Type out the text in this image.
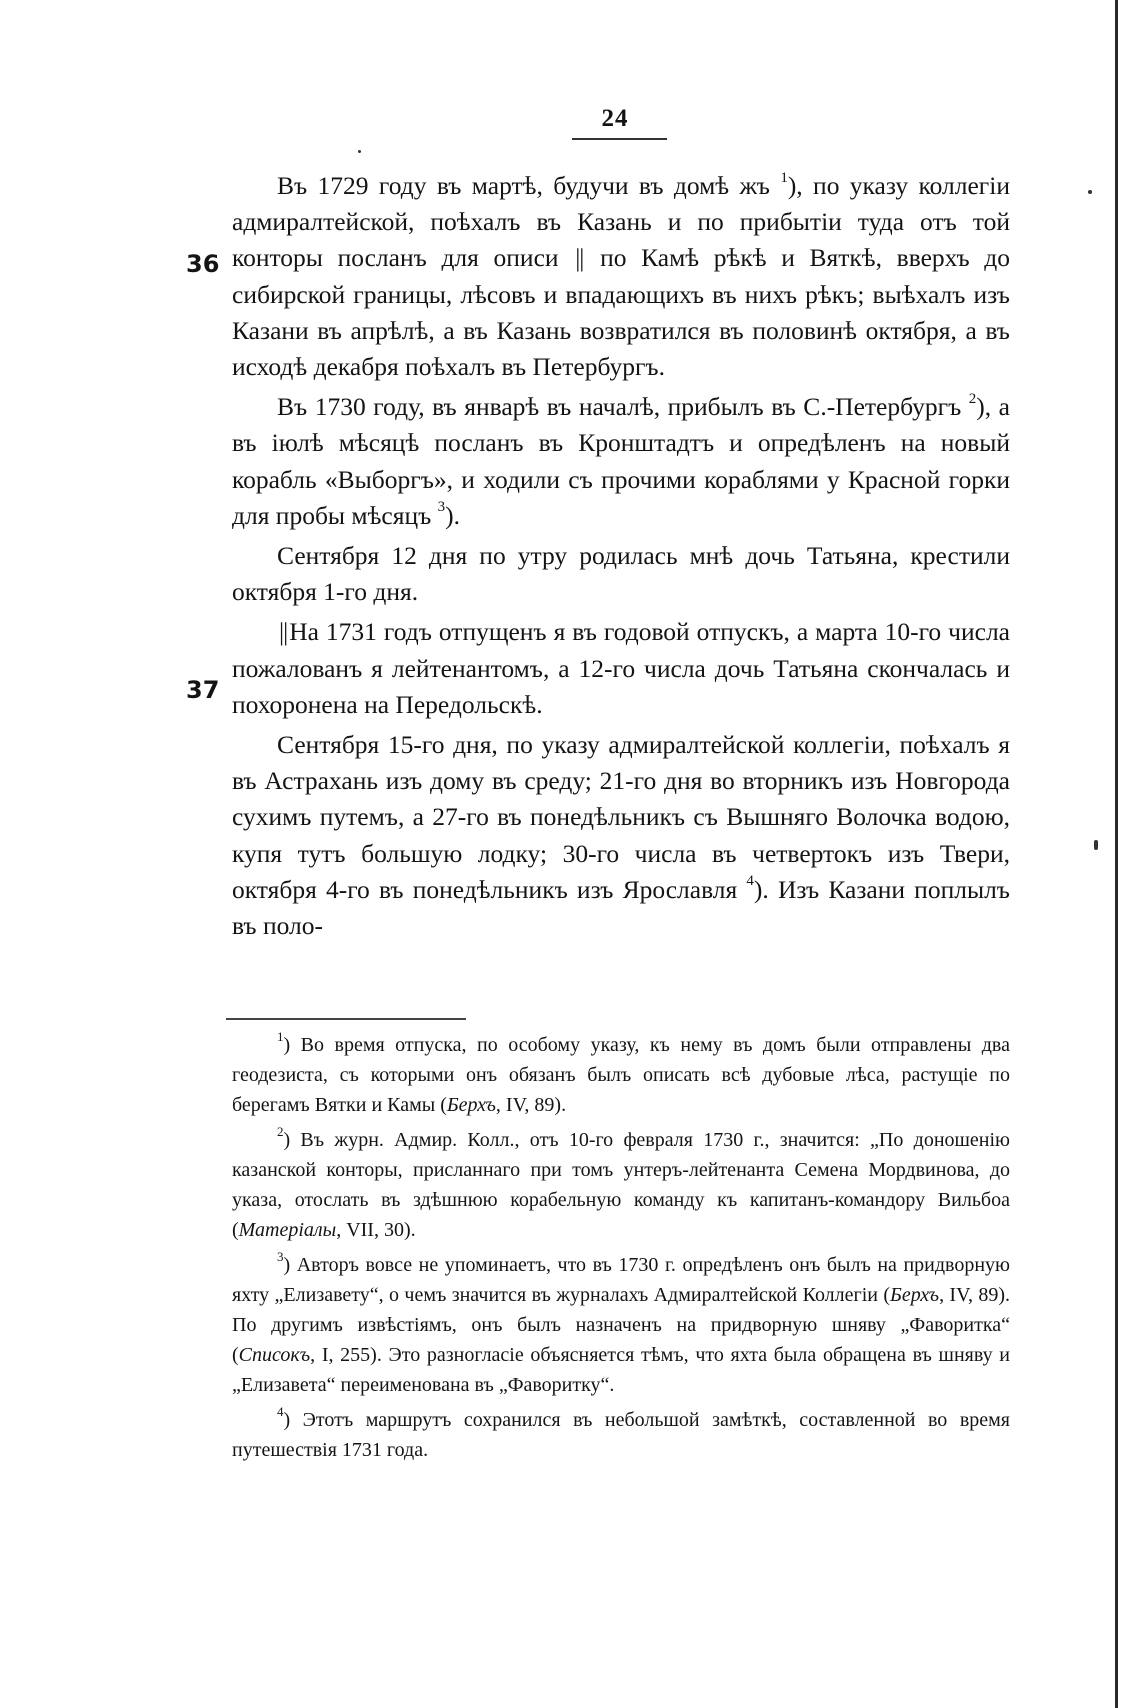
24
36
37

Въ 1729 году въ мартѣ, будучи въ домѣ жъ $^1$), по указу коллегіи адмиралтейской, поѣхалъ въ Казань и по прибытіи туда отъ той конторы посланъ для описи || по Камѣ рѣкѣ и Вяткѣ, вверхъ до сибирской границы, лѣсовъ и впадающихъ въ нихъ рѣкъ; выѣхалъ изъ Казани въ апрѣлѣ, а въ Казань возвратился въ половинѣ октября, а въ исходѣ декабря поѣхалъ въ Петербургъ.

Въ 1730 году, въ январѣ въ началѣ, прибылъ въ С.-Петербургъ $^2$), а въ іюлѣ мѣсяцѣ посланъ въ Кронштадтъ и опредѣленъ на новый корабль «Выборгъ», и ходили съ прочими кораблями у Красной горки для пробы мѣсяцъ $^3$).

Сентября 12 дня по утру родилась мнѣ дочь Татьяна, крестили октября 1-го дня.

||На 1731 годъ отпущенъ я въ годовой отпускъ, а марта 10-го числа пожалованъ я лейтенантомъ, а 12-го числа дочь Татьяна скончалась и похоронена на Передольскѣ.

Сентября 15-го дня, по указу адмиралтейской коллегіи, поѣхалъ я въ Астрахань изъ дому въ среду; 21-го дня во вторникъ изъ Новгорода сухимъ путемъ, а 27-го въ понедѣльникъ съ Вышняго Волочка водою, купя тутъ большую лодку; 30-го числа въ четвертокъ изъ Твери, октября 4-го въ понедѣльникъ изъ Ярославля $^4$). Изъ Казани поплылъ въ поло-

$^1$) Во время отпуска, по особому указу, къ нему въ домъ были отправлены два геодезиста, съ которыми онъ обязанъ былъ описать всѣ дубовые лѣса, растущіе по берегамъ Вятки и Камы (Берхъ, IV, 89).

$^2$) Въ журн. Адмир. Колл., отъ 10-го февраля 1730 г., значится: „По доношенію казанской конторы, присланнаго при томъ унтеръ-лейтенанта Семена Мордвинова, до указа, отослать въ здѣшнюю корабельную команду къ капитанъ-командору Вильбоа (Матеріалы, VII, 30).

$^3$) Авторъ вовсе не упоминаетъ, что въ 1730 г. опредѣленъ онъ былъ на придворную яхту „Елизавету“, о чемъ значится въ журналахъ Адмиралтейской Коллегіи (Берхъ, IV, 89). По другимъ извѣстіямъ, онъ былъ назначенъ на придворную шняву „Фаворитка“ (Списокъ, I, 255). Это разногласіе объясняется тѣмъ, что яхта была обращена въ шняву и „Елизавета“ переименована въ „Фаворитку“.

$^4$) Этотъ маршрутъ сохранился въ небольшой замѣткѣ, составленной во время путешествія 1731 года.
